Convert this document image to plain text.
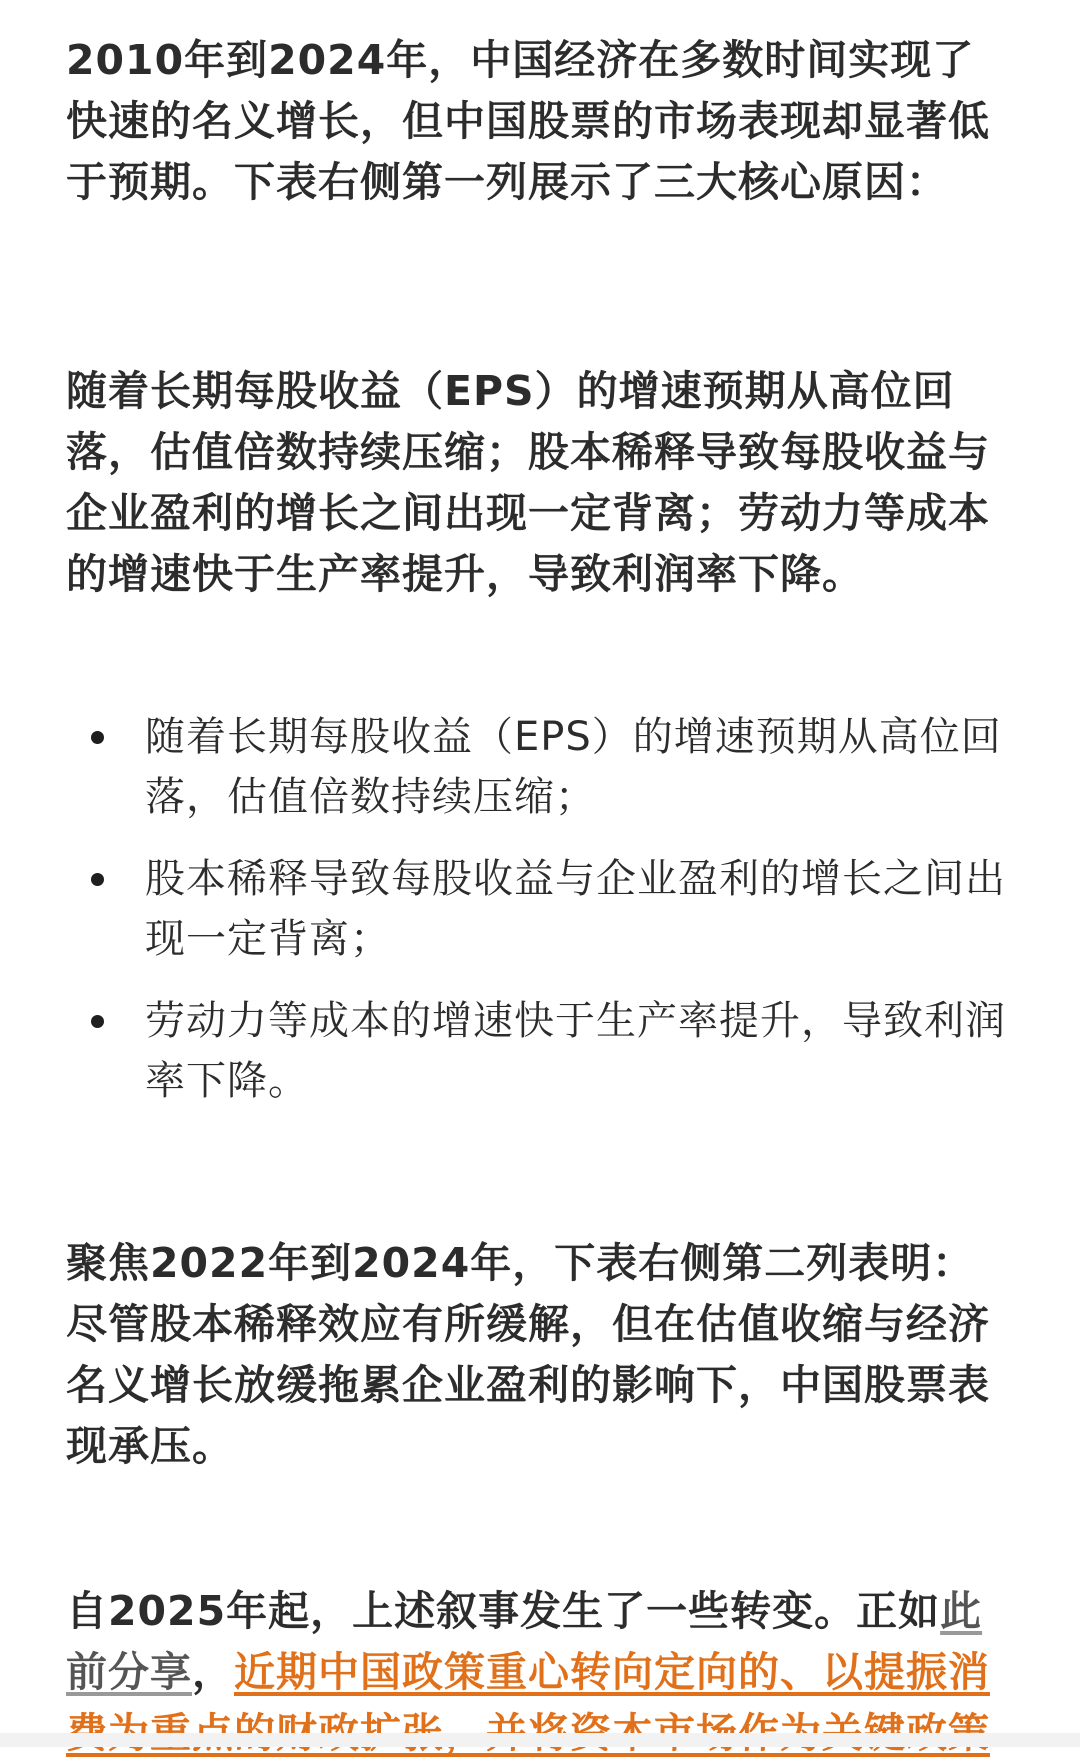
2010年到2024年，中国经济在多数时间实现了快速的名义增长，但中国股票的市场表现却显著低于预期。下表右侧第一列展示了三大核心原因：

随着长期每股收益（EPS）的增速预期从高位回落，估值倍数持续压缩；股本稀释导致每股收益与企业盈利的增长之间出现一定背离；劳动力等成本的增速快于生产率提升，导致利润率下降。

随着长期每股收益（EPS）的增速预期从高位回落，估值倍数持续压缩；
股本稀释导致每股收益与企业盈利的增长之间出现一定背离；
劳动力等成本的增速快于生产率提升，导致利润率下降。

聚焦2022年到2024年，下表右侧第二列表明：尽管股本稀释效应有所缓解，但在估值收缩与经济名义增长放缓拖累企业盈利的影响下，中国股票表现承压。

自2025年起，上述叙事发生了一些转变。正如此前分享，近期中国政策重心转向定向的、以提振消
